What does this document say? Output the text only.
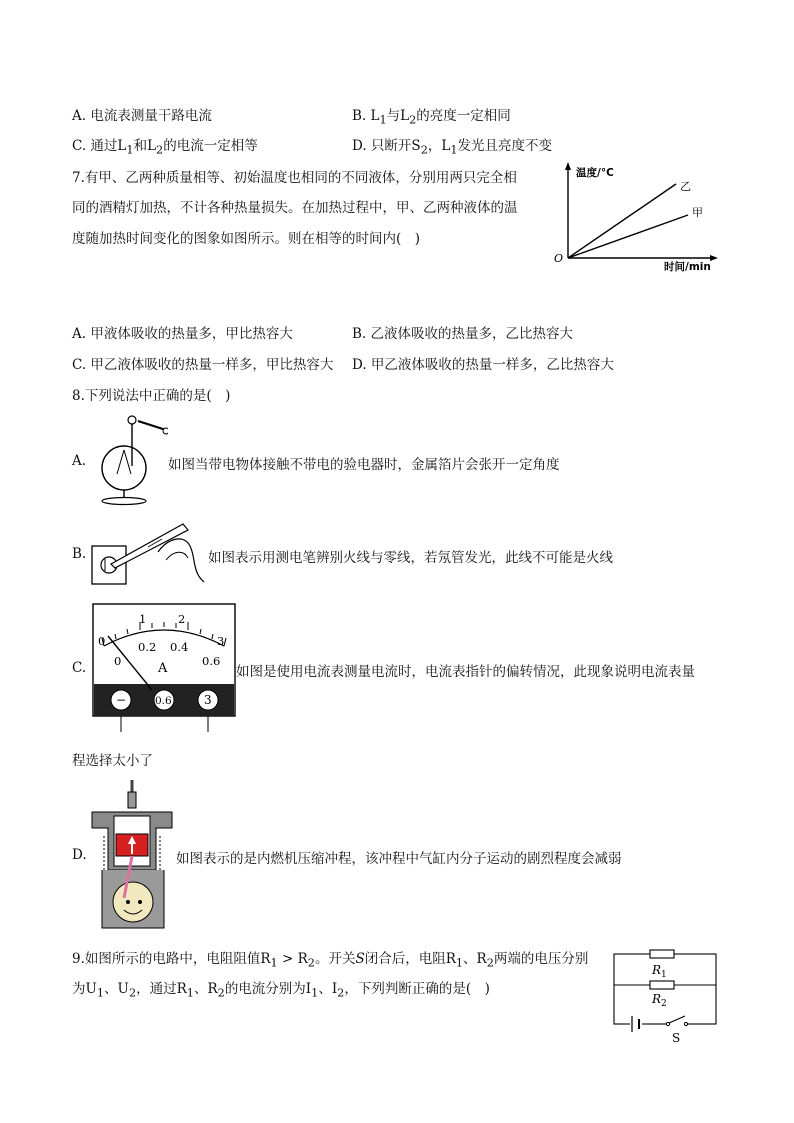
A. 电流表测量干路电流	B. $L_1$与$L_2$的亮度一定相同
C. 通过$L_1$和$L_2$的电流一定相等	D. 只断开$S_2$，$L_1$发光且亮度不变
7.有甲、乙两种质量相等、初始温度也相同的不同液体，分别用两只完全相
同的酒精灯加热，不计各种热量损失。在加热过程中，甲、乙两种液体的温
度随加热时间变化的图象如图所示。则在相等的时间内(　)
温度/°C
时间/min
O
乙
甲
A. 甲液体吸收的热量多，甲比热容大	B. 乙液体吸收的热量多，乙比热容大
C. 甲乙液体吸收的热量一样多，甲比热容大 D. 甲乙液体吸收的热量一样多，乙比热容大
8.下列说法中正确的是(　)
A.	如图当带电物体接触不带电的验电器时，金属箔片会张开一定角度
B.	如图表示用测电笔辨别火线与零线，若氖管发光，此线不可能是火线
C.
0
1	2
3
0
0.2 0.4
0.6
A
−	0.6	3
如图是使用电流表测量电流时，电流表指针的偏转情况，此现象说明电流表量
程选择太小了
D.	如图表示的是内燃机压缩冲程，该冲程中气缸内分子运动的剧烈程度会减弱
9.如图所示的电路中，电阻阻值$R_1 > R_2$。开关S闭合后，电阻$R_1$、$R_2$两端的电压分别
为$U_1$、$U_2$，通过$R_1$、$R_2$的电流分别为$I_1$、$I_2$，下列判断正确的是(　)
$R_1$
$R_2$
S
